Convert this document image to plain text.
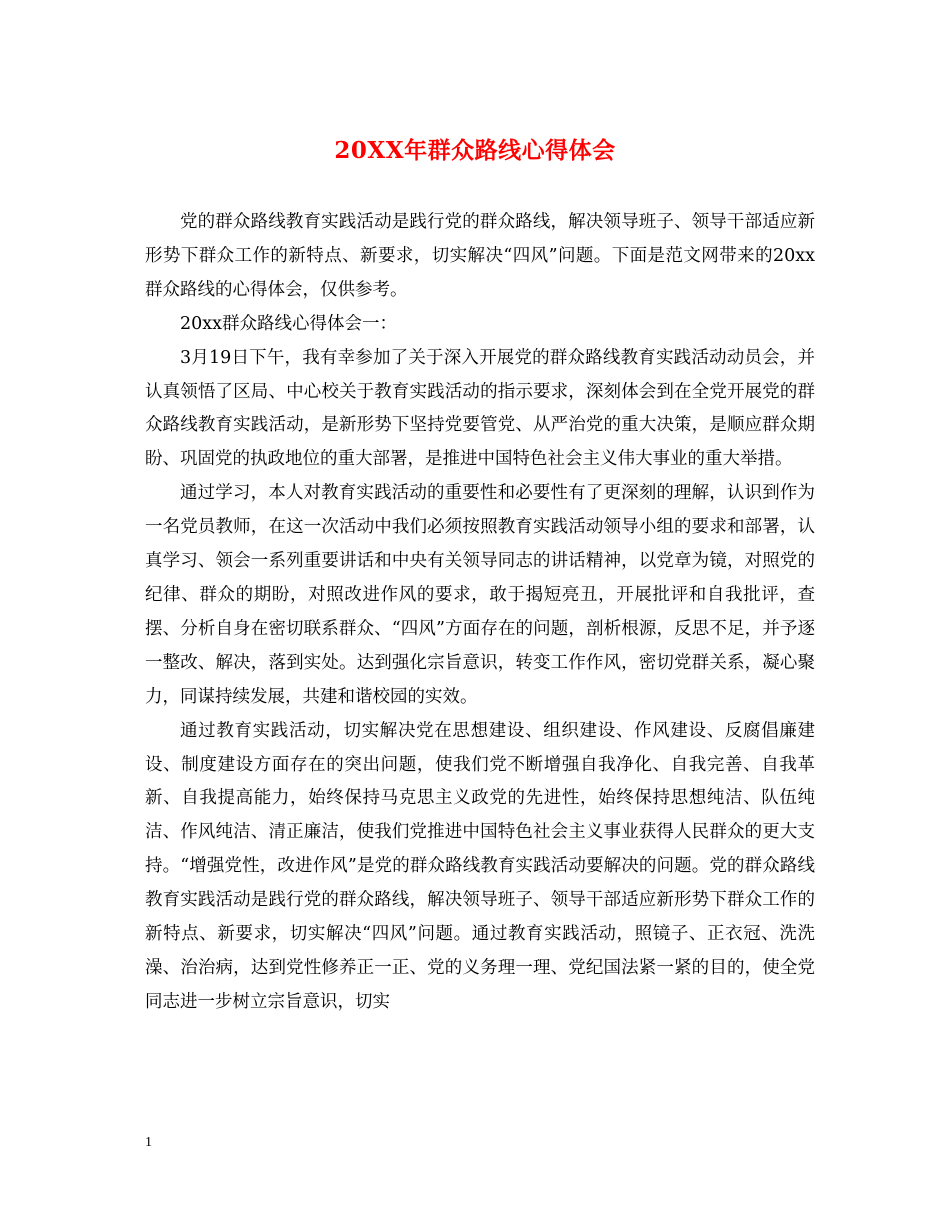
20XX年群众路线心得体会

党的群众路线教育实践活动是践行党的群众路线，解决领导班子、领导干部适应新形势下群众工作的新特点、新要求，切实解决“四风”问题。下面是范文网带来的20xx群众路线的心得体会，仅供参考。

20xx群众路线心得体会一：

3月19日下午，我有幸参加了关于深入开展党的群众路线教育实践活动动员会，并认真领悟了区局、中心校关于教育实践活动的指示要求，深刻体会到在全党开展党的群众路线教育实践活动，是新形势下坚持党要管党、从严治党的重大决策，是顺应群众期盼、巩固党的执政地位的重大部署，是推进中国特色社会主义伟大事业的重大举措。

通过学习，本人对教育实践活动的重要性和必要性有了更深刻的理解，认识到作为一名党员教师，在这一次活动中我们必须按照教育实践活动领导小组的要求和部署，认真学习、领会一系列重要讲话和中央有关领导同志的讲话精神，以党章为镜，对照党的纪律、群众的期盼，对照改进作风的要求，敢于揭短亮丑，开展批评和自我批评，查摆、分析自身在密切联系群众、“四风”方面存在的问题，剖析根源，反思不足，并予逐一整改、解决，落到实处。达到强化宗旨意识，转变工作作风，密切党群关系，凝心聚力，同谋持续发展，共建和谐校园的实效。

通过教育实践活动，切实解决党在思想建设、组织建设、作风建设、反腐倡廉建设、制度建设方面存在的突出问题，使我们党不断增强自我净化、自我完善、自我革新、自我提高能力，始终保持马克思主义政党的先进性，始终保持思想纯洁、队伍纯洁、作风纯洁、清正廉洁，使我们党推进中国特色社会主义事业获得人民群众的更大支持。“增强党性，改进作风”是党的群众路线教育实践活动要解决的问题。党的群众路线教育实践活动是践行党的群众路线，解决领导班子、领导干部适应新形势下群众工作的新特点、新要求，切实解决“四风”问题。通过教育实践活动，照镜子、正衣冠、洗洗澡、治治病，达到党性修养正一正、党的义务理一理、党纪国法紧一紧的目的，使全党同志进一步树立宗旨意识，切实

1
